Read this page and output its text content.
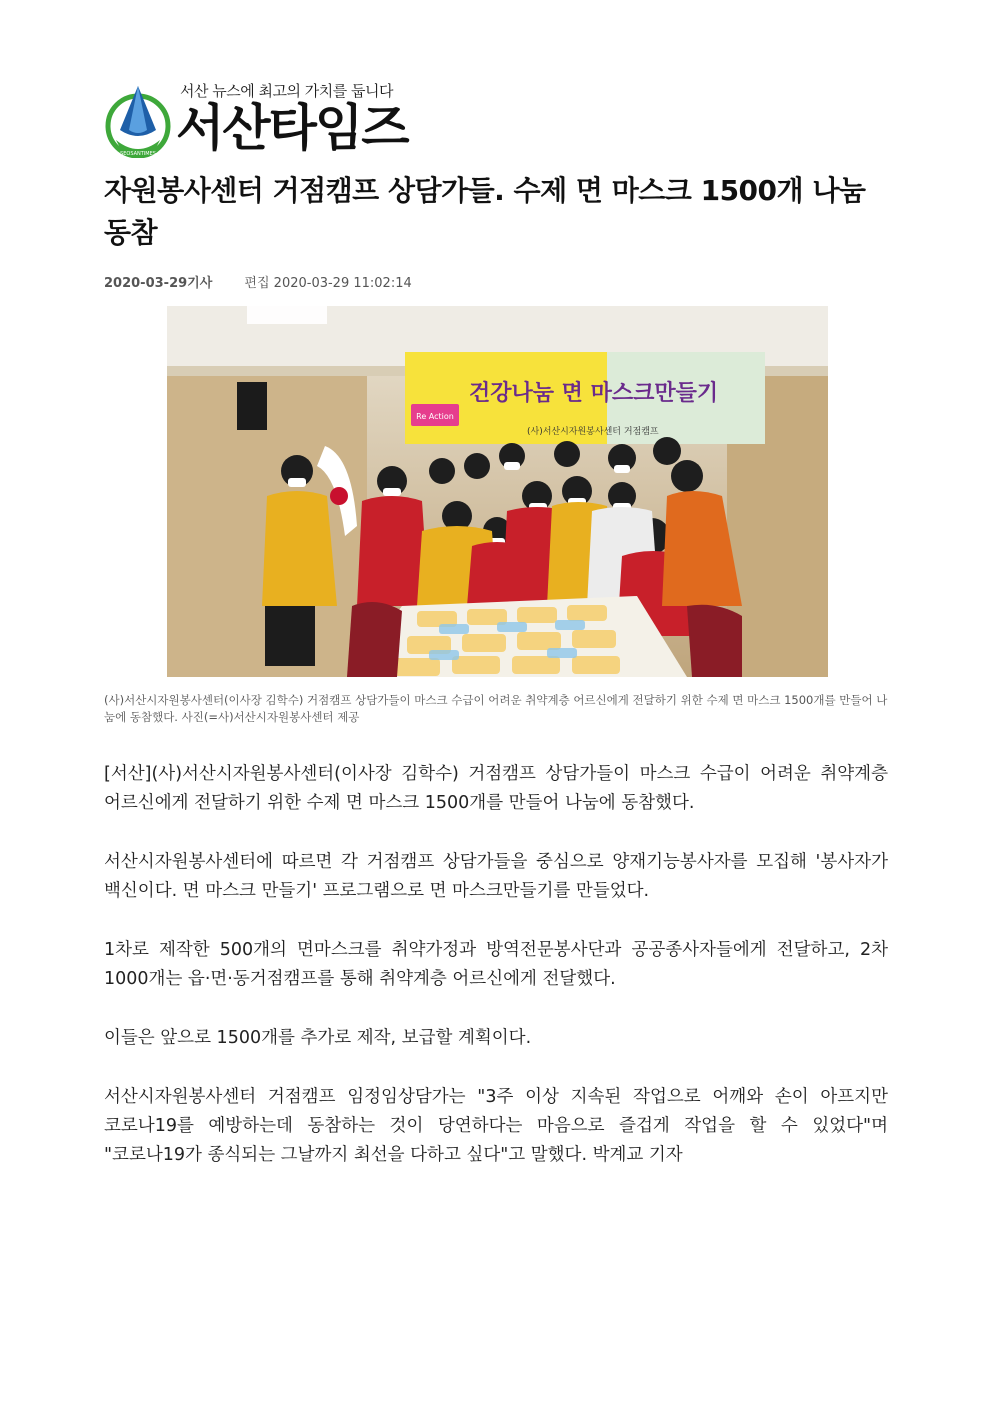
SEOSANTIMES
서산 뉴스에 최고의 가치를 둡니다
서산타임즈
자원봉사센터 거점캠프 상담가들. 수제 면 마스크 1500개 나눔 동참
2020-03-29기사 편집 2020-03-29 11:02:14
Re Action
건강나눔 면 마스크만들기
(사)서산시자원봉사센터 거점캠프

(사)서산시자원봉사센터(이사장 김학수) 거점캠프 상담가들이 마스크 수급이 어려운 취약계층 어르신에게 전달하기 위한 수제 면 마스크 1500개를 만들어 나눔에 동참했다. 사진(=사)서산시자원봉사센터 제공

[서산](사)서산시자원봉사센터(이사장 김학수) 거점캠프 상담가들이 마스크 수급이 어려운 취약계층 어르신에게 전달하기 위한 수제 면 마스크 1500개를 만들어 나눔에 동참했다.

서산시자원봉사센터에 따르면 각 거점캠프 상담가들을 중심으로 양재기능봉사자를 모집해 '봉사자가 백신이다. 면 마스크 만들기' 프로그램으로 면 마스크만들기를 만들었다.

1차로 제작한 500개의 면마스크를 취약가정과 방역전문봉사단과 공공종사자들에게 전달하고, 2차 1000개는 읍·면·동거점캠프를 통해 취약계층 어르신에게 전달했다.

이들은 앞으로 1500개를 추가로 제작, 보급할 계획이다.

서산시자원봉사센터 거점캠프 임정임상담가는 "3주 이상 지속된 작업으로 어깨와 손이 아프지만 코로나19를 예방하는데 동참하는 것이 당연하다는 마음으로 즐겁게 작업을 할 수 있었다"며 "코로나19가 종식되는 그날까지 최선을 다하고 싶다"고 말했다. 박계교 기자
